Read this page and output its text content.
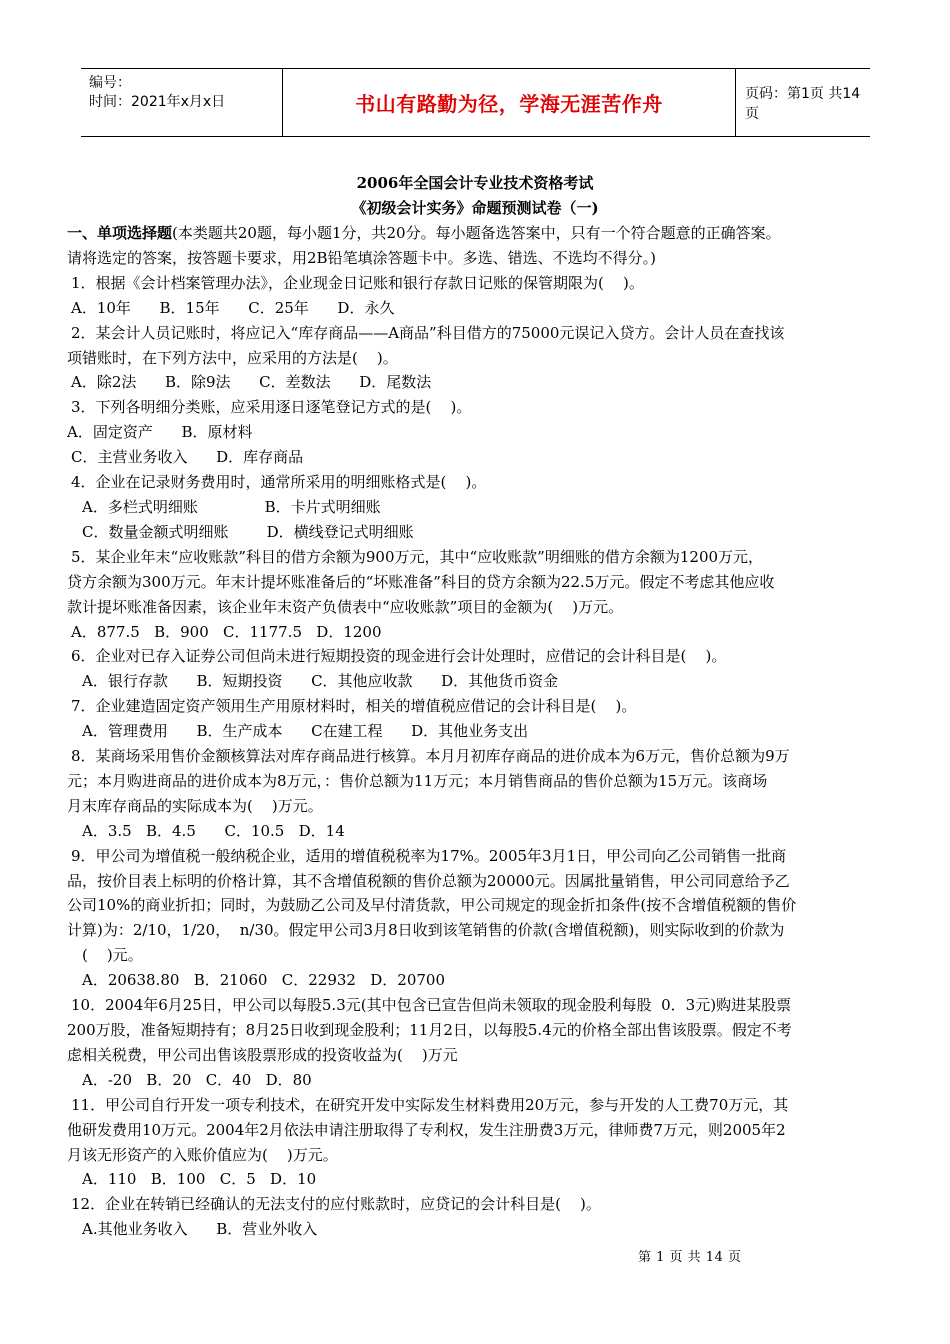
编号：
时间：2021年x月x日	书山有路勤为径，学海无涯苦作舟	页码：第1页 共14页
2006年全国会计专业技术资格考试
《初级会计实务》命题预测试卷（一)

一、单项选择题(本类题共20题，每小题1分，共20分。每小题备选答案中，只有一个符合题意的正确答案。

请将选定的答案，按答题卡要求，用2B铅笔填涂答题卡中。多选、错选、不选均不得分。)

1．根据《会计档案管理办法》，企业现金日记账和银行存款日记账的保管期限为(    )。

A．10年      B．15年      C．25年      D．永久

2．某会计人员记账时，将应记入“库存商品——A商品”科目借方的75000元误记入贷方。会计人员在查找该

项错账时，在下列方法中，应采用的方法是(    )。

A．除2法      B．除9法      C．差数法      D．尾数法

3．下列各明细分类账，应采用逐日逐笔登记方式的是(    )。

A．固定资产      B．原材料

C．主营业务收入      D．库存商品

4．企业在记录财务费用时，通常所采用的明细账格式是(    )。

A．多栏式明细账              B．卡片式明细账

C．数量金额式明细账        D．横线登记式明细账

5．某企业年末“应收账款”科目的借方余额为900万元，其中“应收账款”明细账的借方余额为1200万元，

贷方余额为300万元。年末计提坏账准备后的“坏账准备”科目的贷方余额为22.5万元。假定不考虑其他应收

款计提坏账准备因素，该企业年末资产负债表中“应收账款”项目的金额为(    )万元。

A．877.5   B．900   C．1177.5   D．1200

6．企业对已存入证券公司但尚未进行短期投资的现金进行会计处理时，应借记的会计科目是(    )。

A．银行存款      B．短期投资      C．其他应收款      D．其他货币资金

7．企业建造固定资产领用生产用原材料时，相关的增值税应借记的会计科目是(    )。

A．管理费用      B．生产成本      C在建工程      D．其他业务支出

8．某商场采用售价金额核算法对库存商品进行核算。本月月初库存商品的进价成本为6万元，售价总额为9万

元；本月购进商品的进价成本为8万元，：售价总额为11万元；本月销售商品的售价总额为15万元。该商场

月末库存商品的实际成本为(    )万元。

A．3.5   B．4.5      C．10.5   D．14

9．甲公司为增值税一般纳税企业，适用的增值税税率为17%。2005年3月1日，甲公司向乙公司销售一批商

品，按价目表上标明的价格计算，其不含增值税额的售价总额为20000元。因属批量销售，甲公司同意给予乙

公司10%的商业折扣；同时，为鼓励乙公司及早付清货款，甲公司规定的现金折扣条件(按不含增值税额的售价

计算)为：2/10，1/20，  n/30。假定甲公司3月8日收到该笔销售的价款(含增值税额)，则实际收到的价款为

(    )元。

A．20638.80   B．21060   C．22932   D．20700

10．2004年6月25日，甲公司以每股5.3元(其中包含已宣告但尚未领取的现金股利每股  0．3元)购进某股票

200万股，准备短期持有；8月25日收到现金股利；11月2日，以每股5.4元的价格全部出售该股票。假定不考

虑相关税费，甲公司出售该股票形成的投资收益为(    )万元

A．-20   B．20   C．40   D．80

11．甲公司自行开发一项专利技术，在研究开发中实际发生材料费用20万元，参与开发的人工费70万元，其

他研发费用10万元。2004年2月依法申请注册取得了专利权，发生注册费3万元，律师费7万元，则2005年2

月该无形资产的入账价值应为(    )万元。

A．110   B．100   C．5   D．10

12．企业在转销已经确认的无法支付的应付账款时，应贷记的会计科目是(    )。

A.其他业务收入      B．营业外收入

第 1 页 共 14 页
